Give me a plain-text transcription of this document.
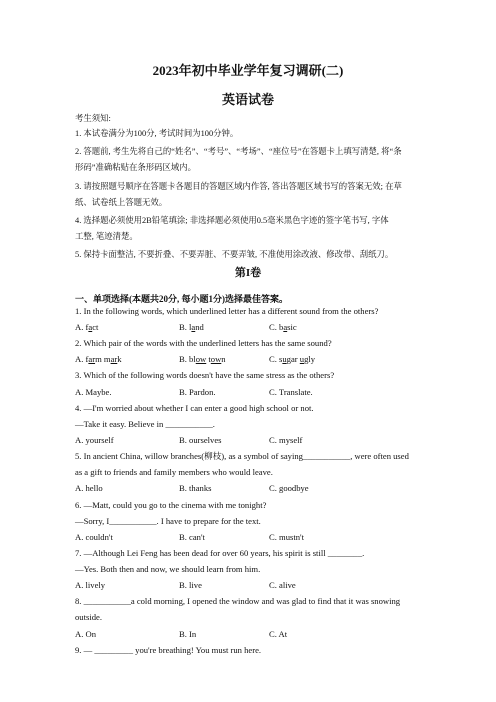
2023年初中毕业学年复习调研(二)
英语试卷
考生须知:
1. 本试卷满分为100分, 考试时间为100分钟。
2. 答题前, 考生先将自己的“姓名”、“考号”、“考场”、“座位号”在答题卡上填写清楚, 将“条
形码”准确粘贴在条形码区域内。
3. 请按照题号顺序在答题卡各题目的答题区域内作答, 答出答题区域书写的答案无效; 在草
纸、试卷纸上答题无效。
4. 选择题必须使用2B铅笔填涂; 非选择题必须使用0.5毫米黑色字迹的签字笔书写, 字体
工整, 笔迹清楚。
5. 保持卡面整洁, 不要折叠、不要弄脏、不要弄皱, 不准使用涂改液、修改带、刮纸刀。
第I卷
一、单项选择(本题共20分, 每小题1分)选择最佳答案。
1. In the following words, which underlined letter has a different sound from the others?
A. fact	B. land	C. basic
2. Which pair of the words with the underlined letters has the same sound?
A. farm mark	B. blow town	C. sugar ugly
3. Which of the following words doesn't have the same stress as the others?
A. Maybe.	B. Pardon.	C. Translate.
4. —I'm worried about whether I can enter a good high school or not.
—Take it easy. Believe in ___________.
A. yourself	B. ourselves	C. myself
5. In ancient China, willow branches(柳枝), as a symbol of saying___________, were often used
as a gift to friends and family members who would leave.
A. hello	B. thanks	C. goodbye
6. —Matt, could you go to the cinema with me tonight?
—Sorry, I___________. I have to prepare for the text.
A. couldn't	B. can't	C. mustn't
7. —Although Lei Feng has been dead for over 60 years, his spirit is still ________.
—Yes. Both then and now, we should learn from him.
A. lively	B. live	C. alive
8. ___________a cold morning, I opened the window and was glad to find that it was snowing
outside.
A. On	B. In	C. At
9. — _________ you're breathing! You must run here.
